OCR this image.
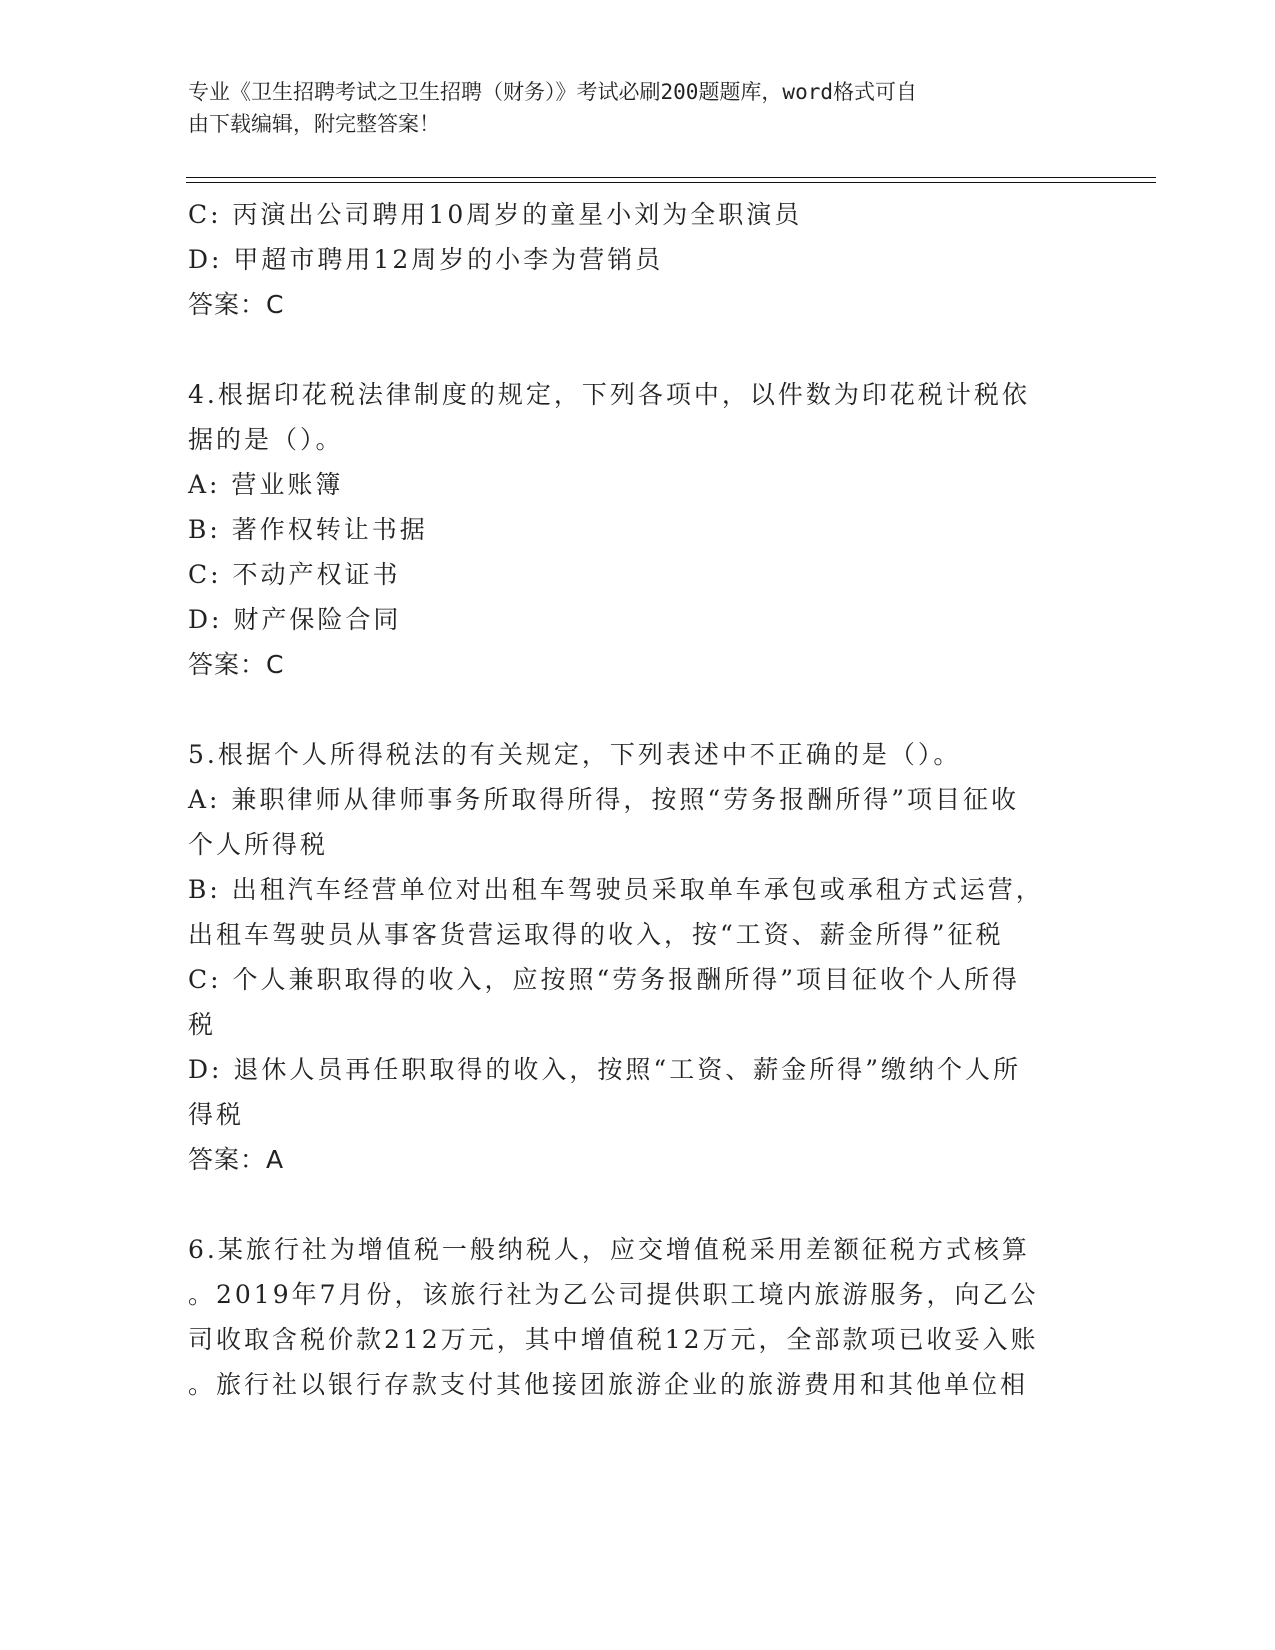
专业《卫生招聘考试之卫生招聘（财务）》考试必刷200题题库，word格式可自
由下载编辑，附完整答案！
C: 丙演出公司聘用10周岁的童星小刘为全职演员
D: 甲超市聘用12周岁的小李为营销员
答案：C
4.根据印花税法律制度的规定，下列各项中，以件数为印花税计税依
据的是（）。
A: 营业账簿
B: 著作权转让书据
C: 不动产权证书
D: 财产保险合同
答案：C
5.根据个人所得税法的有关规定，下列表述中不正确的是（）。
A: 兼职律师从律师事务所取得所得，按照“劳务报酬所得”项目征收
个人所得税
B: 出租汽车经营单位对出租车驾驶员采取单车承包或承租方式运营，
出租车驾驶员从事客货营运取得的收入，按“工资、薪金所得”征税
C: 个人兼职取得的收入，应按照“劳务报酬所得”项目征收个人所得
税
D: 退休人员再任职取得的收入，按照“工资、薪金所得”缴纳个人所
得税
答案：A
6.某旅行社为增值税一般纳税人，应交增值税采用差额征税方式核算
。2019年7月份，该旅行社为乙公司提供职工境内旅游服务，向乙公
司收取含税价款212万元，其中增值税12万元，全部款项已收妥入账
。旅行社以银行存款支付其他接团旅游企业的旅游费用和其他单位相
